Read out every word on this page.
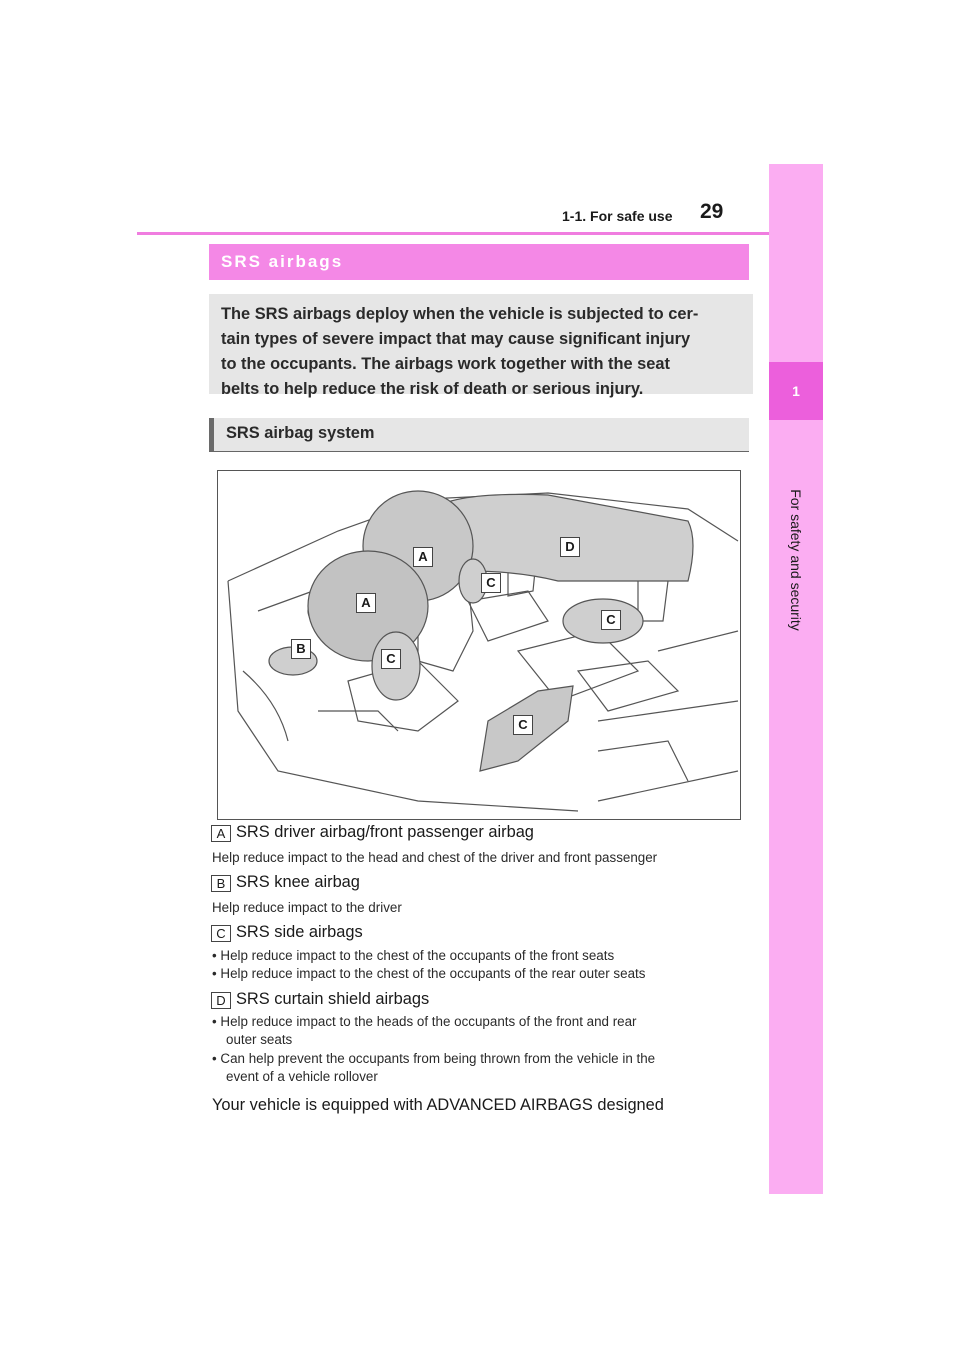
1-1. For safe use 29
1
For safety and security
SRS airbags
The SRS airbags deploy when the vehicle is subjected to cer-
tain types of severe impact that may cause significant injury
to the occupants. The airbags work together with the seat
belts to help reduce the risk of death or serious injury.
SRS airbag system
A
A
B
C
C
C
C
D
A SRS driver airbag/front passenger airbag
Help reduce impact to the head and chest of the driver and front passenger
B SRS knee airbag
Help reduce impact to the driver
C SRS side airbags
• Help reduce impact to the chest of the occupants of the front seats
• Help reduce impact to the chest of the occupants of the rear outer seats
D SRS curtain shield airbags
• Help reduce impact to the heads of the occupants of the front and rear
outer seats
• Can help prevent the occupants from being thrown from the vehicle in the
event of a vehicle rollover
Your vehicle is equipped with ADVANCED AIRBAGS designed
